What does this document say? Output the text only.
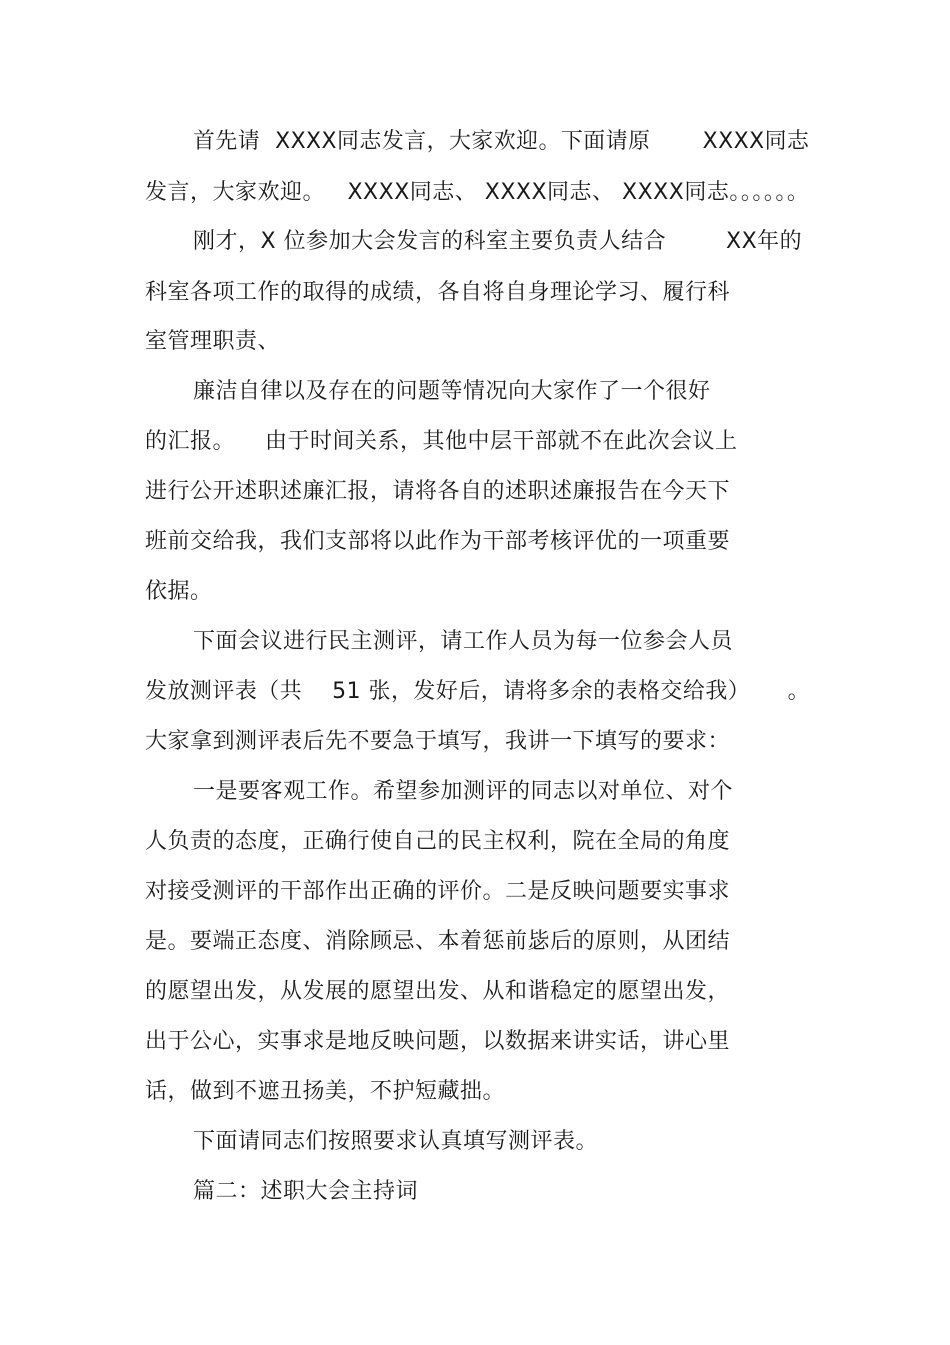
首先请  XXXX同志发言，大家欢迎。下面请原       XXXX同志
发言，大家欢迎。   XXXX同志、 XXXX同志、 XXXX同志。。。。。。
刚才，X 位参加大会发言的科室主要负责人结合        XX年的
科室各项工作的取得的成绩，各自将自身理论学习、履行科
室管理职责、
廉洁自律以及存在的问题等情况向大家作了一个很好
的汇报。    由于时间关系，其他中层干部就不在此次会议上
进行公开述职述廉汇报，请将各自的述职述廉报告在今天下
班前交给我，我们支部将以此作为干部考核评优的一项重要
依据。
下面会议进行民主测评，请工作人员为每一位参会人员
发放测评表（共    51 张，发好后，请将多余的表格交给我）     。
大家拿到测评表后先不要急于填写，我讲一下填写的要求：
一是要客观工作。希望参加测评的同志以对单位、对个
人负责的态度，正确行使自己的民主权利，院在全局的角度
对接受测评的干部作出正确的评价。二是反映问题要实事求
是。要端正态度、消除顾忌、本着惩前毖后的原则，从团结
的愿望出发，从发展的愿望出发、从和谐稳定的愿望出发，
出于公心，实事求是地反映问题，以数据来讲实话，讲心里
话，做到不遮丑扬美，不护短藏拙。
下面请同志们按照要求认真填写测评表。
篇二：述职大会主持词
